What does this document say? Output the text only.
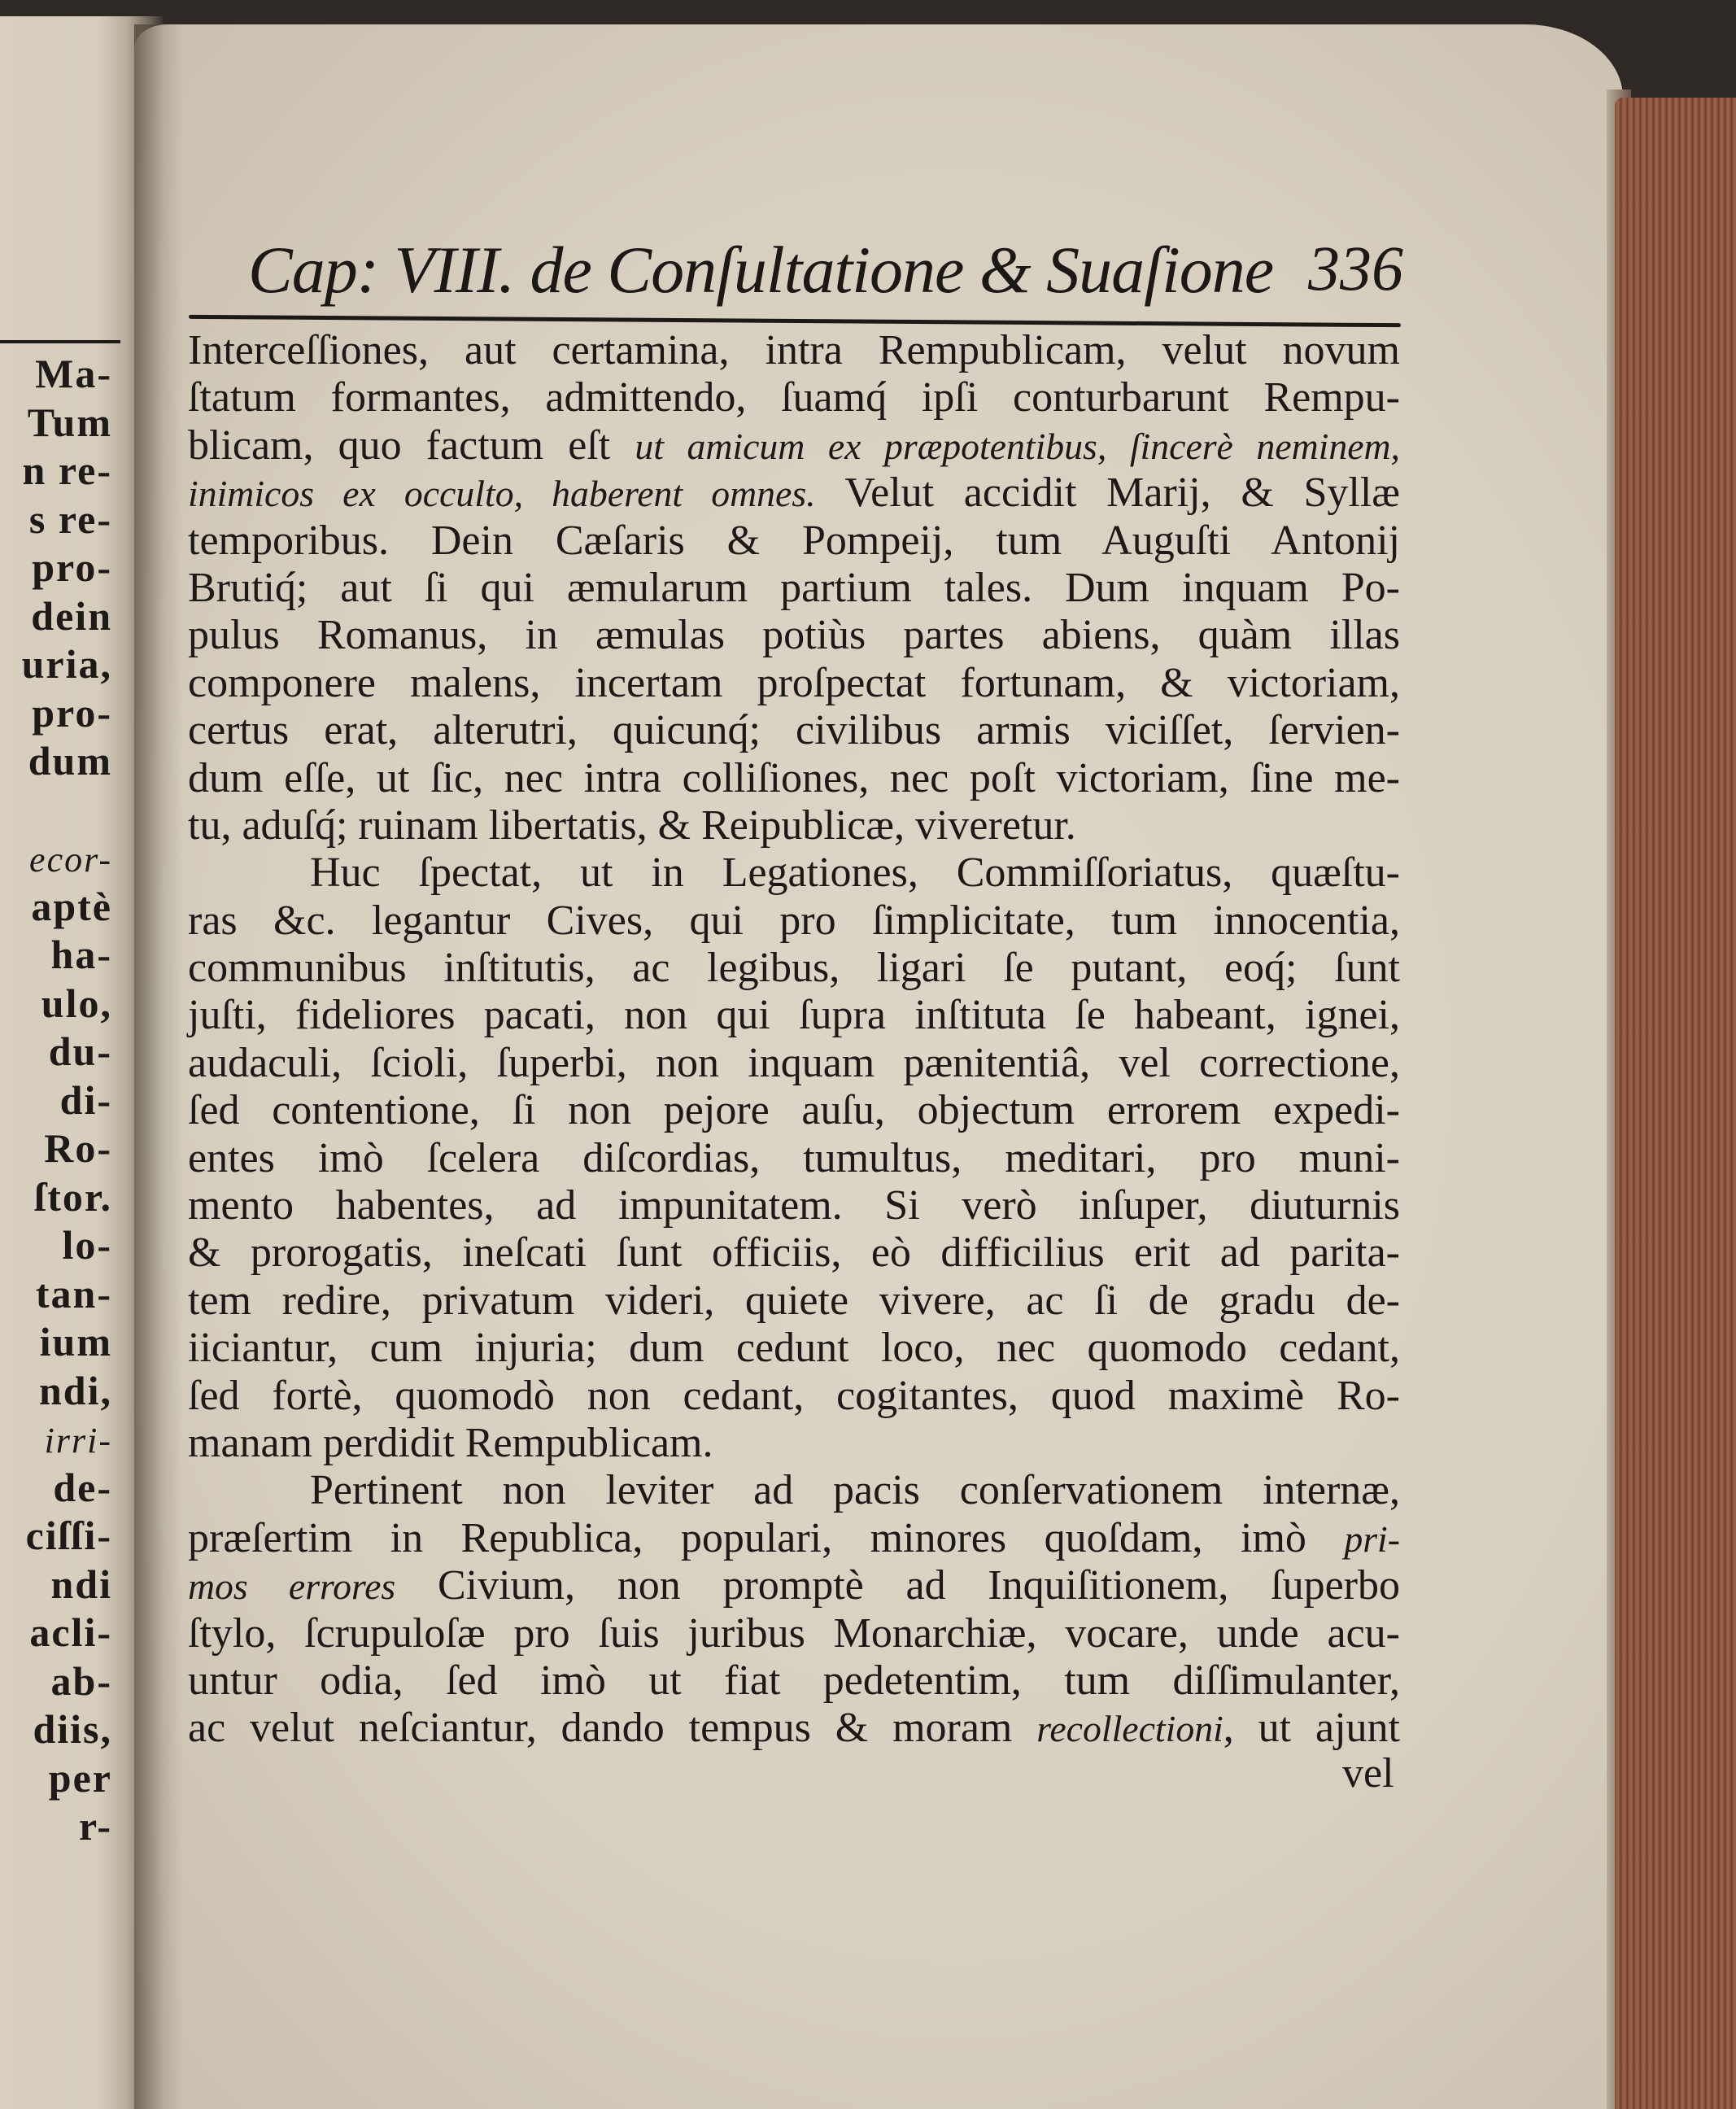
Ma-
Tum
n re-
s re-
pro-
dein
uria,
pro-
dum
ecor-
aptè
ha-
ulo,
du-
di-
Ro-
ſtor.
lo-
tan-
ium
ndi,
irri-
de-
ciſſi-
ndi
acli-
ab-
diis,
per
r-
Cap: VIII. de Conſultatione & Suaſione 336
Interceſſiones, aut certamina, intra Rempublicam, velut novum
ſtatum formantes, admittendo, ſuamq́ ipſi conturbarunt Rempu-
blicam, quo factum eſt ut amicum ex præpotentibus, ſincerè neminem,
inimicos ex occulto, haberent omnes. Velut accidit Marij, & Syllæ
temporibus. Dein Cæſaris & Pompeij, tum Auguſti Antonij
Brutiq́; aut ſi qui æmularum partium tales. Dum inquam Po-
pulus Romanus, in æmulas potiùs partes abiens, quàm illas
componere malens, incertam proſpectat fortunam, & victoriam,
certus erat, alterutri, quicunq́; civilibus armis viciſſet, ſervien-
dum eſſe, ut ſic, nec intra colliſiones, nec poſt victoriam, ſine me-
tu, aduſq́; ruinam libertatis, & Reipublicæ, viveretur.
Huc ſpectat, ut in Legationes, Commiſſoriatus, quæſtu-
ras &c. legantur Cives, qui pro ſimplicitate, tum innocentia,
communibus inſtitutis, ac legibus, ligari ſe putant, eoq́; ſunt
juſti, fideliores pacati, non qui ſupra inſtituta ſe habeant, ignei,
audaculi, ſcioli, ſuperbi, non inquam pænitentiâ, vel correctione,
ſed contentione, ſi non pejore auſu, objectum errorem expedi-
entes imò ſcelera diſcordias, tumultus, meditari, pro muni-
mento habentes, ad impunitatem. Si verò inſuper, diuturnis
& prorogatis, ineſcati ſunt officiis, eò difficilius erit ad parita-
tem redire, privatum videri, quiete vivere, ac ſi de gradu de-
iiciantur, cum injuria; dum cedunt loco, nec quomodo cedant,
ſed fortè, quomodò non cedant, cogitantes, quod maximè Ro-
manam perdidit Rempublicam.
Pertinent non leviter ad pacis conſervationem internæ,
præſertim in Republica, populari, minores quoſdam, imò pri-
mos errores Civium, non promptè ad Inquiſitionem, ſuperbo
ſtylo, ſcrupuloſæ pro ſuis juribus Monarchiæ, vocare, unde acu-
untur odia, ſed imò ut fiat pedetentim, tum diſſimulanter,
ac velut neſciantur, dando tempus & moram recollectioni, ut ajunt
vel
